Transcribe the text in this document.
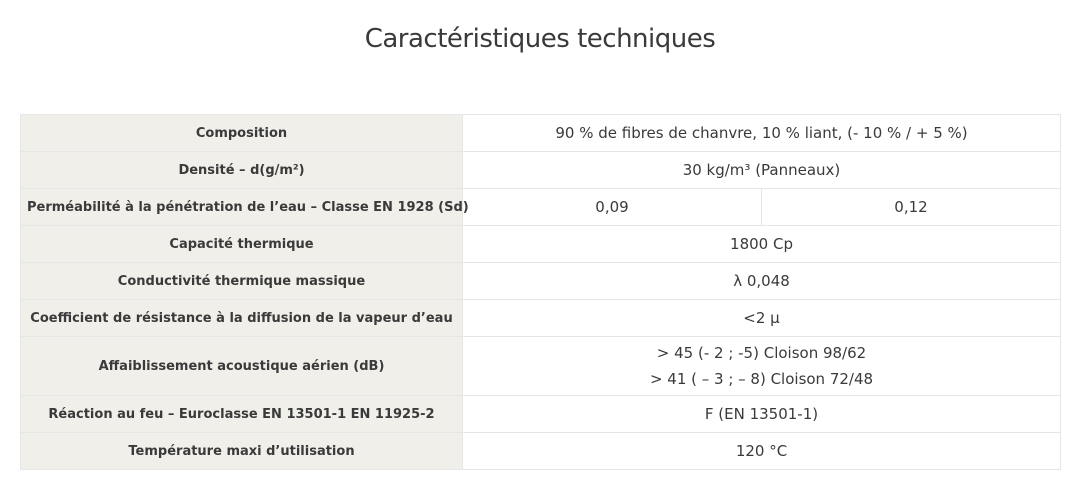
Caractéristiques techniques
Composition	90 % de fibres de chanvre, 10 % liant, (- 10 % / + 5 %)	
Densité – d(g/m²)	30 kg/m³ (Panneaux)	
Perméabilité à la pénétration de l’eau – Classe EN 1928 (Sd)	0,09	0,12
Capacité thermique	1800 Cp	
Conductivité thermique massique	λ 0,048	
Coefficient de résistance à la diffusion de la vapeur d’eau	<2 µ	
Affaiblissement acoustique aérien (dB)	> 45 (- 2 ; -5) Cloison 98/62
> 41 ( – 3 ; – 8) Cloison 72/48	

Réaction au feu – Euroclasse EN 13501-1 EN 11925-2	F (EN 13501-1)	
Température maxi d’utilisation	120 °C	
